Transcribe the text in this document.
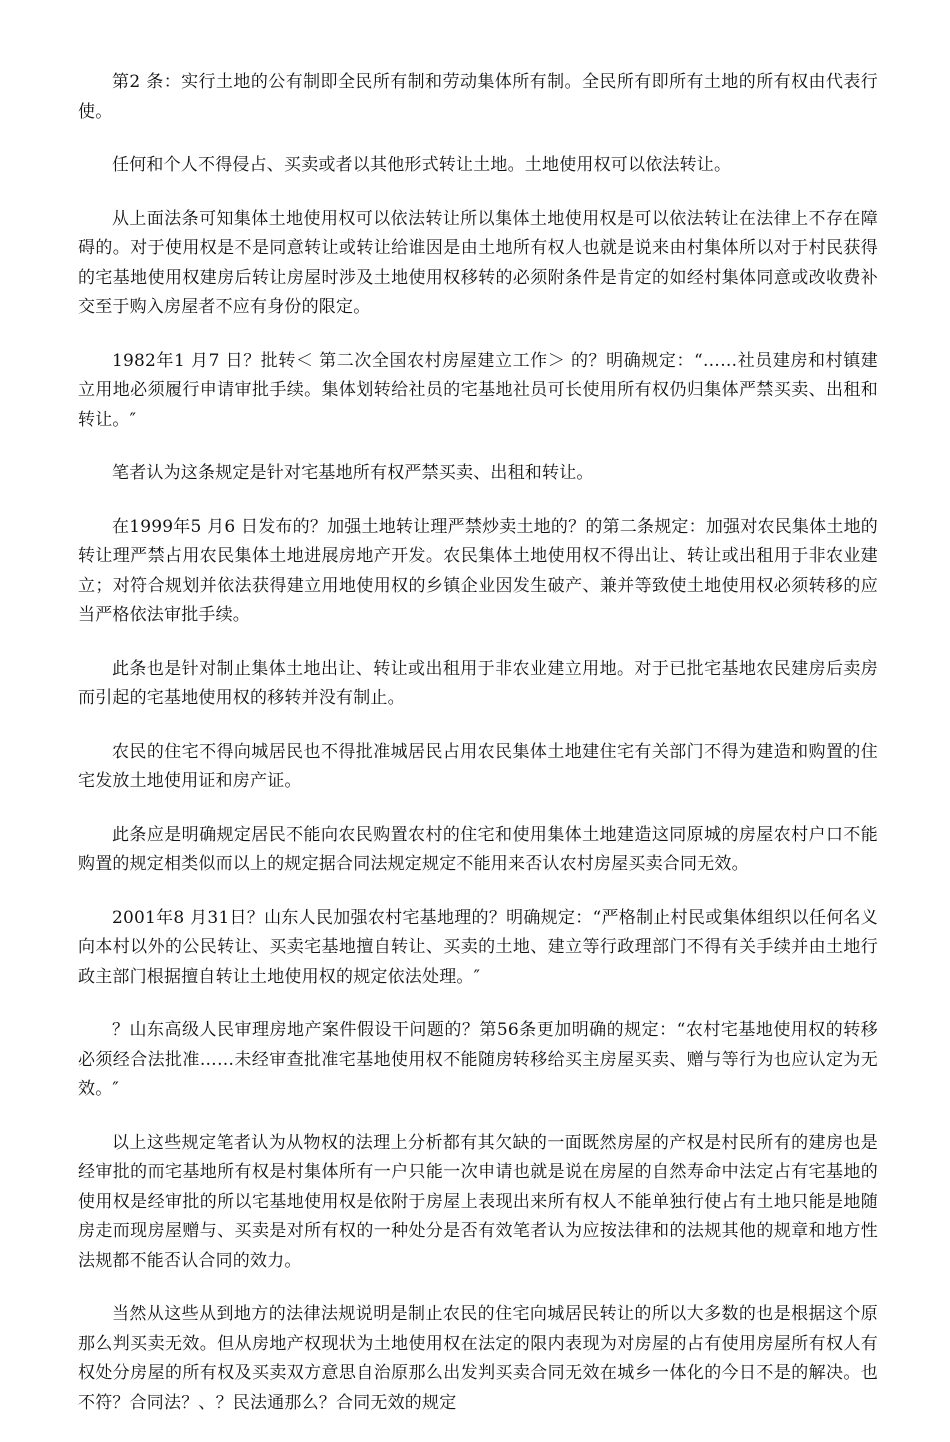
第2 条：实行土地的公有制即全民所有制和劳动集体所有制。全民所有即所有土地的所有权由代表行使。

任何和个人不得侵占、买卖或者以其他形式转让土地。土地使用权可以依法转让。

从上面法条可知集体土地使用权可以依法转让所以集体土地使用权是可以依法转让在法律上不存在障碍的。对于使用权是不是同意转让或转让给谁因是由土地所有权人也就是说来由村集体所以对于村民获得的宅基地使用权建房后转让房屋时涉及土地使用权移转的必须附条件是肯定的如经村集体同意或改收费补交至于购入房屋者不应有身份的限定。

1982年1 月7 日？批转＜ 第二次全国农村房屋建立工作＞ 的？明确规定：“……社员建房和村镇建立用地必须履行申请审批手续。集体划转给社员的宅基地社员可长使用所有权仍归集体严禁买卖、出租和转让。″

笔者认为这条规定是针对宅基地所有权严禁买卖、出租和转让。

在1999年5 月6 日发布的？加强土地转让理严禁炒卖土地的？的第二条规定：加强对农民集体土地的转让理严禁占用农民集体土地进展房地产开发。农民集体土地使用权不得出让、转让或出租用于非农业建立；对符合规划并依法获得建立用地使用权的乡镇企业因发生破产、兼并等致使土地使用权必须转移的应当严格依法审批手续。

此条也是针对制止集体土地出让、转让或出租用于非农业建立用地。对于已批宅基地农民建房后卖房而引起的宅基地使用权的移转并没有制止。

农民的住宅不得向城居民也不得批准城居民占用农民集体土地建住宅有关部门不得为建造和购置的住宅发放土地使用证和房产证。

此条应是明确规定居民不能向农民购置农村的住宅和使用集体土地建造这同原城的房屋农村户口不能购置的规定相类似而以上的规定据合同法规定规定不能用来否认农村房屋买卖合同无效。

2001年8 月31日？山东人民加强农村宅基地理的？明确规定：“严格制止村民或集体组织以任何名义向本村以外的公民转让、买卖宅基地擅自转让、买卖的土地、建立等行政理部门不得有关手续并由土地行政主部门根据擅自转让土地使用权的规定依法处理。″

？山东高级人民审理房地产案件假设干问题的？第56条更加明确的规定：“农村宅基地使用权的转移必须经合法批准……未经审查批准宅基地使用权不能随房转移给买主房屋买卖、赠与等行为也应认定为无效。″

以上这些规定笔者认为从物权的法理上分析都有其欠缺的一面既然房屋的产权是村民所有的建房也是经审批的而宅基地所有权是村集体所有一户只能一次申请也就是说在房屋的自然寿命中法定占有宅基地的使用权是经审批的所以宅基地使用权是依附于房屋上表现出来所有权人不能单独行使占有土地只能是地随房走而现房屋赠与、买卖是对所有权的一种处分是否有效笔者认为应按法律和的法规其他的规章和地方性法规都不能否认合同的效力。

当然从这些从到地方的法律法规说明是制止农民的住宅向城居民转让的所以大多数的也是根据这个原那么判买卖无效。但从房地产权现状为土地使用权在法定的限内表现为对房屋的占有使用房屋所有权人有权处分房屋的所有权及买卖双方意思自治原那么出发判买卖合同无效在城乡一体化的今日不是的解决。也不符？合同法？、？民法通那么？合同无效的规定
